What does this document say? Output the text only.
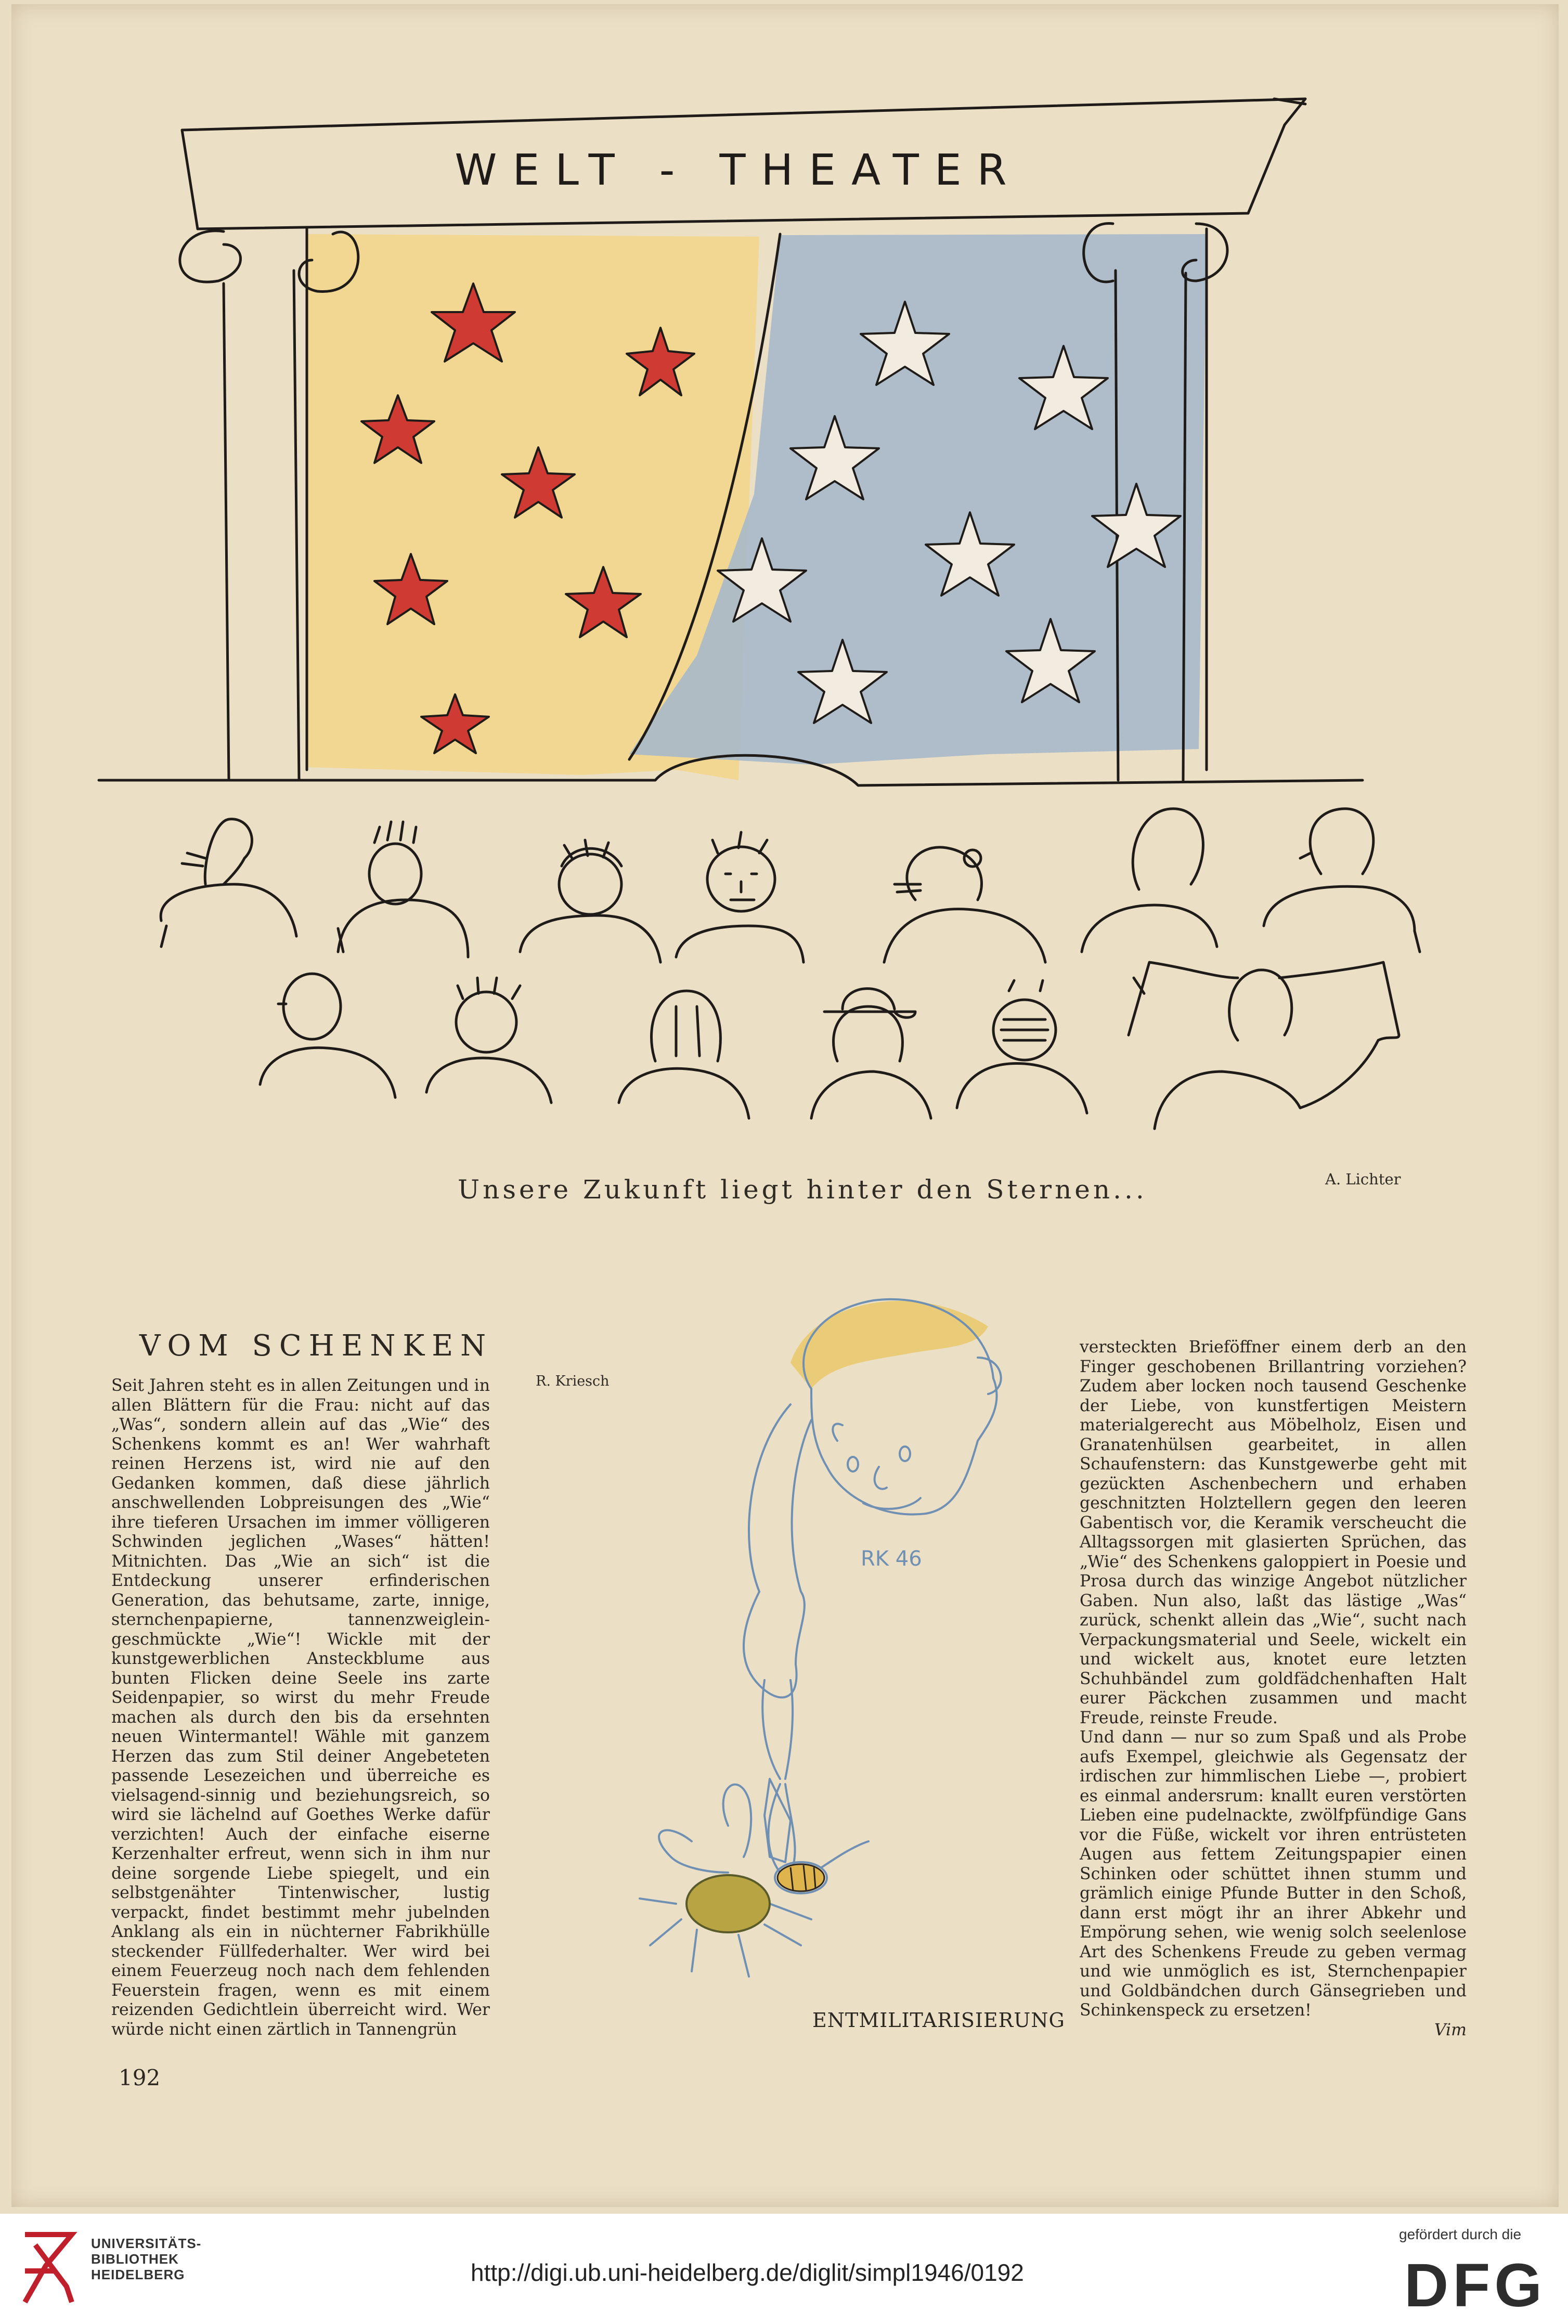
WELT - THEATER
Unsere Zukunft liegt hinter den Sternen...	A. Lichter
VOM SCHENKEN

Seit Jahren steht es in allen Zeitungen und in allen Blättern für die Frau: nicht auf das „Was“, sondern allein auf das „Wie“ des Schenkens kommt es an! Wer wahrhaft reinen Herzens ist, wird nie auf den Gedanken kommen, daß diese jährlich anschwellenden Lobpreisungen des „Wie“ ihre tieferen Ursachen im immer völligeren Schwinden jeglichen „Wases“ hätten! Mitnichten. Das „Wie an sich“ ist die Entdeckung unserer erfinderischen Generation, das behutsame, zarte, innige, sternchenpapierne, tannenzweiglein-geschmückte „Wie“! Wickle mit der kunstgewerblichen Ansteckblume aus bunten Flicken deine Seele ins zarte Seidenpapier, so wirst du mehr Freude machen als durch den bis da ersehnten neuen Wintermantel! Wähle mit ganzem Herzen das zum Stil deiner Angebeteten passende Lesezeichen und überreiche es vielsagend-sinnig und beziehungsreich, so wird sie lächelnd auf Goethes Werke dafür verzichten! Auch der einfache eiserne Kerzenhalter erfreut, wenn sich in ihm nur deine sorgende Liebe spiegelt, und ein selbstgenähter Tintenwischer, lustig verpackt, findet bestimmt mehr jubelnden Anklang als ein in nüchterner Fabrikhülle steckender Füllfederhalter. Wer wird bei einem Feuerzeug noch nach dem fehlenden Feuerstein fragen, wenn es mit einem reizenden Gedichtlein überreicht wird. Wer würde nicht einen zärtlich in Tannengrün

versteckten Brieföffner einem derb an den Finger geschobenen Brillantring vorziehen? Zudem aber locken noch tausend Geschenke der Liebe, von kunstfertigen Meistern materialgerecht aus Möbelholz, Eisen und Granatenhülsen gearbeitet, in allen Schaufenstern: das Kunstgewerbe geht mit gezückten Aschenbechern und erhaben geschnitzten Holztellern gegen den leeren Gabentisch vor, die Keramik verscheucht die Alltagssorgen mit glasierten Sprüchen, das „Wie“ des Schenkens galoppiert in Poesie und Prosa durch das winzige Angebot nützlicher Gaben. Nun also, laßt das lästige „Was“ zurück, schenkt allein das „Wie“, sucht nach Verpackungsmaterial und Seele, wickelt ein und wickelt aus, knotet eure letzten Schuhbändel zum goldfädchenhaften Halt eurer Päckchen zusammen und macht Freude, reinste Freude.

Und dann — nur so zum Spaß und als Probe aufs Exempel, gleichwie als Gegensatz der irdischen zur himmlischen Liebe —, probiert es einmal andersrum: knallt euren verstörten Lieben eine pudelnackte, zwölfpfündige Gans vor die Füße, wickelt vor ihren entrüsteten Augen aus fettem Zeitungspapier einen Schinken oder schüttet ihnen stumm und grämlich einige Pfunde Butter in den Schoß, dann erst mögt ihr an ihrer Abkehr und Empörung sehen, wie wenig solch seelenlose Art des Schenkens Freude zu geben vermag und wie unmöglich es ist, Sternchenpapier und Goldbändchen durch Gänsegrieben und Schinkenspeck zu ersetzen!

Vim

R. Kriesch
RK 46
ENTMILITARISIERUNG
192
UNIVERSITÄTS-
BIBLIOTHEK
HEIDELBERG	http://digi.ub.uni-heidelberg.de/diglit/simpl1946/0192
gefördert durch die
DFG
